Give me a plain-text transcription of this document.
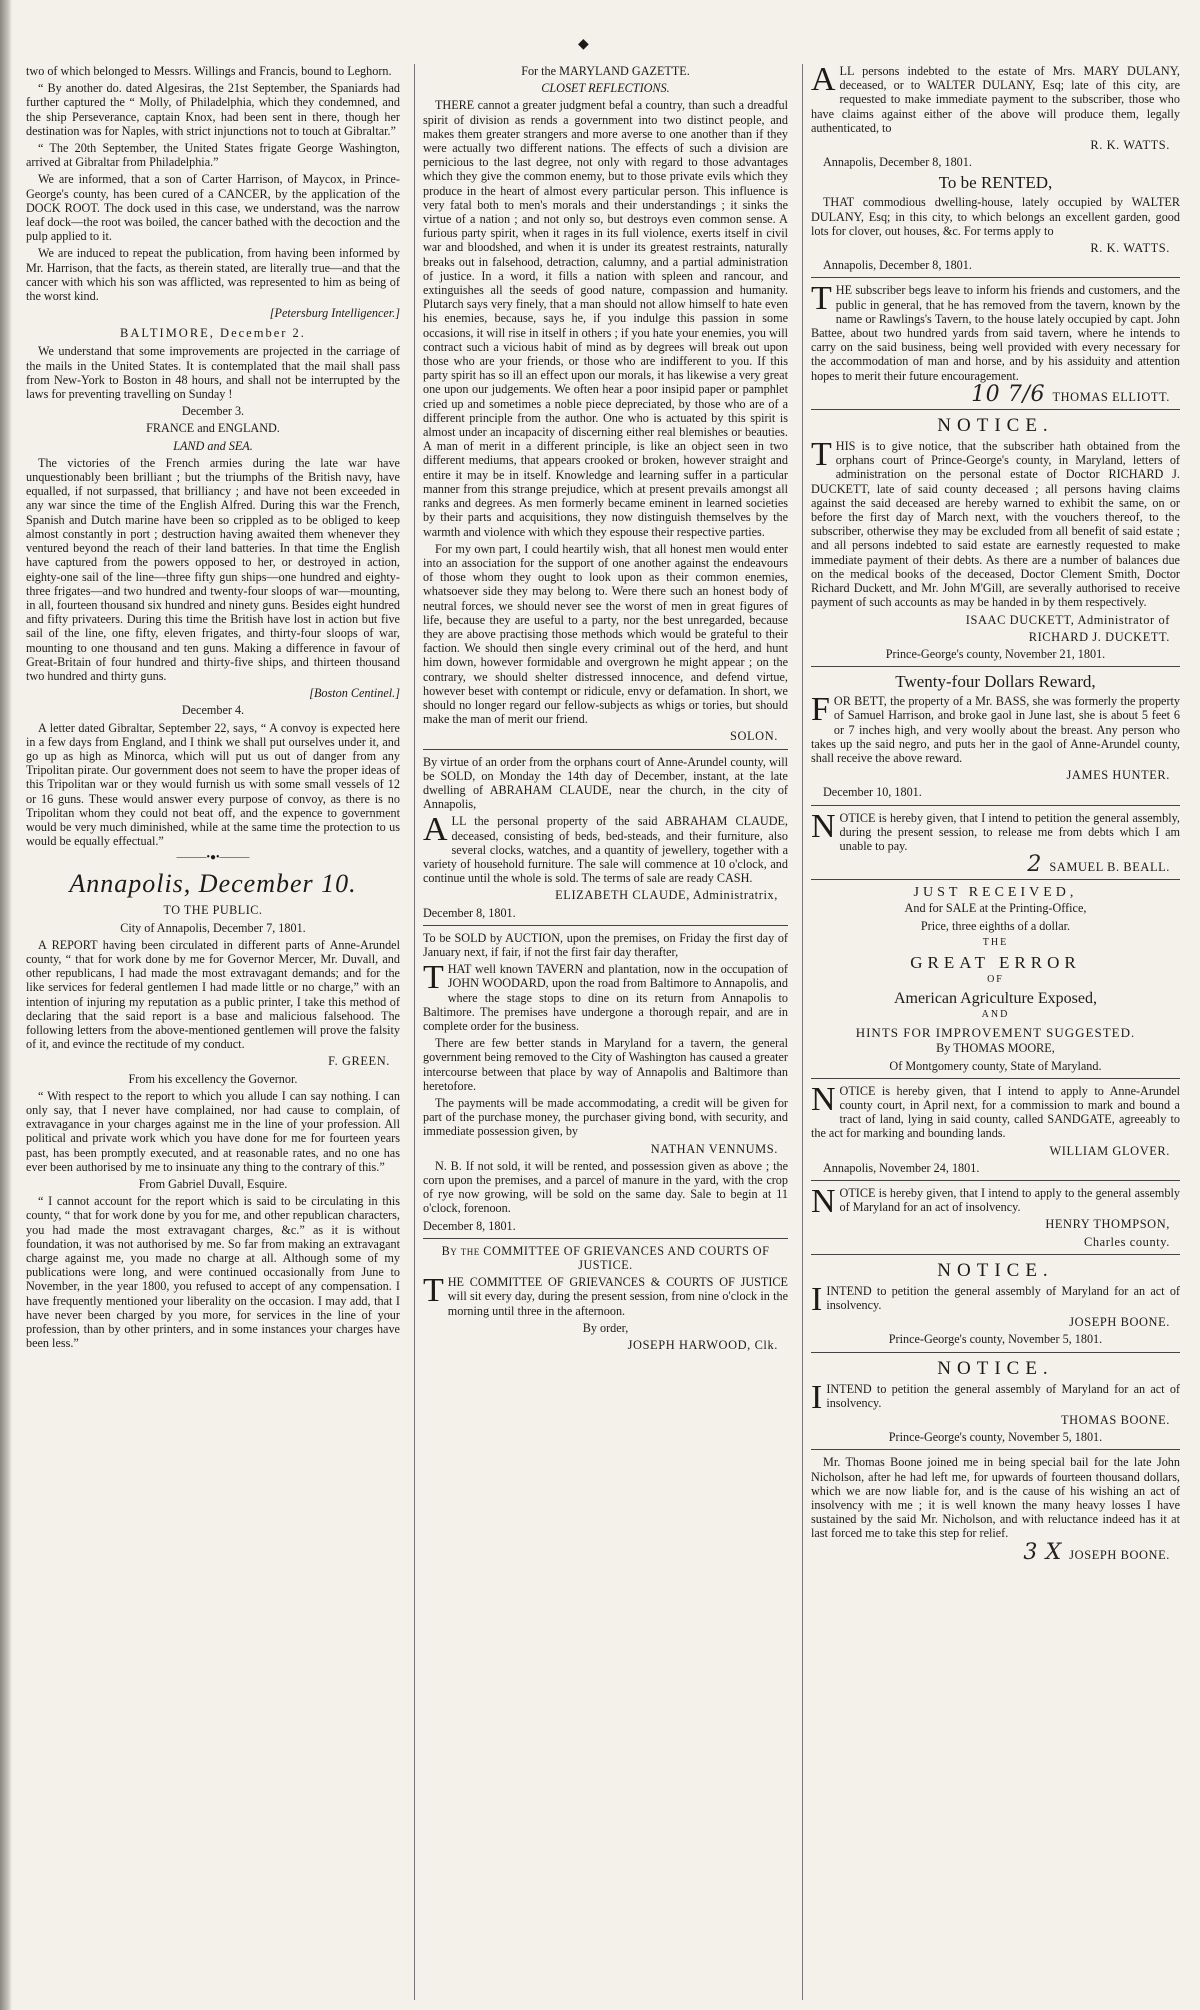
◆

two of which belonged to Messrs. Willings and Francis, bound to Leghorn.

“ By another do. dated Algesiras, the 21st September, the Spaniards had further captured the “ Molly, of Philadelphia, which they condemned, and the ship Perseverance, captain Knox, had been sent in there, though her destination was for Naples, with strict injunctions not to touch at Gibraltar.”

“ The 20th September, the United States frigate George Washington, arrived at Gibraltar from Philadelphia.”

We are informed, that a son of Carter Harrison, of Maycox, in Prince-George's county, has been cured of a CANCER, by the application of the DOCK ROOT. The dock used in this case, we understand, was the narrow leaf dock—the root was boiled, the cancer bathed with the decoction and the pulp applied to it.

We are induced to repeat the publication, from having been informed by Mr. Harrison, that the facts, as therein stated, are literally true—and that the cancer with which his son was afflicted, was represented to him as being of the worst kind.

[Petersburg Intelligencer.]

BALTIMORE, December 2.

We understand that some improvements are projected in the carriage of the mails in the United States. It is contemplated that the mail shall pass from New-York to Boston in 48 hours, and shall not be interrupted by the laws for preventing travelling on Sunday !

December 3.

FRANCE and ENGLAND.

LAND and SEA.

The victories of the French armies during the late war have unquestionably been brilliant ; but the triumphs of the British navy, have equalled, if not surpassed, that brilliancy ; and have not been exceeded in any war since the time of the English Alfred. During this war the French, Spanish and Dutch marine have been so crippled as to be obliged to keep almost constantly in port ; destruction having awaited them whenever they ventured beyond the reach of their land batteries. In that time the English have captured from the powers opposed to her, or destroyed in action, eighty-one sail of the line—three fifty gun ships—one hundred and eighty-three frigates—and two hundred and twenty-four sloops of war—mounting, in all, fourteen thousand six hundred and ninety guns. Besides eight hundred and fifty privateers. During this time the British have lost in action but five sail of the line, one fifty, eleven frigates, and thirty-four sloops of war, mounting to one thousand and ten guns. Making a difference in favour of Great-Britain of four hundred and thirty-five ships, and thirteen thousand two hundred and thirty guns.

[Boston Centinel.]

December 4.

A letter dated Gibraltar, September 22, says, “ A convoy is expected here in a few days from England, and I think we shall put ourselves under it, and go up as high as Minorca, which will put us out of danger from any Tripolitan pirate. Our government does not seem to have the proper ideas of this Tripolitan war or they would furnish us with some small vessels of 12 or 16 guns. These would answer every purpose of convoy, as there is no Tripolitan whom they could not beat off, and the expence to government would be very much diminished, while at the same time the protection to us would be equally effectual.”

———•●•———
Annapolis, December 10.

TO THE PUBLIC.

City of Annapolis, December 7, 1801.

A REPORT having been circulated in different parts of Anne-Arundel county, “ that for work done by me for Governor Mercer, Mr. Duvall, and other republicans, I had made the most extravagant demands; and for the like services for federal gentlemen I had made little or no charge,” with an intention of injuring my reputation as a public printer, I take this method of declaring that the said report is a base and malicious falsehood. The following letters from the above-mentioned gentlemen will prove the falsity of it, and evince the rectitude of my conduct.

F. GREEN.

From his excellency the Governor.

“ With respect to the report to which you allude I can say nothing. I can only say, that I never have complained, nor had cause to complain, of extravagance in your charges against me in the line of your profession. All political and private work which you have done for me for fourteen years past, has been promptly executed, and at reasonable rates, and no one has ever been authorised by me to insinuate any thing to the contrary of this.”

From Gabriel Duvall, Esquire.

“ I cannot account for the report which is said to be circulating in this county, “ that for work done by you for me, and other republican characters, you had made the most extravagant charges, &c.” as it is without foundation, it was not authorised by me. So far from making an extravagant charge against me, you made no charge at all. Although some of my publications were long, and were continued occasionally from June to November, in the year 1800, you refused to accept of any compensation. I have frequently mentioned your liberality on the occasion. I may add, that I have never been charged by you more, for services in the line of your profession, than by other printers, and in some instances your charges have been less.”

For the MARYLAND GAZETTE.

CLOSET REFLECTIONS.

THERE cannot a greater judgment befal a country, than such a dreadful spirit of division as rends a government into two distinct people, and makes them greater strangers and more averse to one another than if they were actually two different nations. The effects of such a division are pernicious to the last degree, not only with regard to those advantages which they give the common enemy, but to those private evils which they produce in the heart of almost every particular person. This influence is very fatal both to men's morals and their understandings ; it sinks the virtue of a nation ; and not only so, but destroys even common sense. A furious party spirit, when it rages in its full violence, exerts itself in civil war and bloodshed, and when it is under its greatest restraints, naturally breaks out in falsehood, detraction, calumny, and a partial administration of justice. In a word, it fills a nation with spleen and rancour, and extinguishes all the seeds of good nature, compassion and humanity. Plutarch says very finely, that a man should not allow himself to hate even his enemies, because, says he, if you indulge this passion in some occasions, it will rise in itself in others ; if you hate your enemies, you will contract such a vicious habit of mind as by degrees will break out upon those who are your friends, or those who are indifferent to you. If this party spirit has so ill an effect upon our morals, it has likewise a very great one upon our judgements. We often hear a poor insipid paper or pamphlet cried up and sometimes a noble piece depreciated, by those who are of a different principle from the author. One who is actuated by this spirit is almost under an incapacity of discerning either real blemishes or beauties. A man of merit in a different principle, is like an object seen in two different mediums, that appears crooked or broken, however straight and entire it may be in itself. Knowledge and learning suffer in a particular manner from this strange prejudice, which at present prevails amongst all ranks and degrees. As men formerly became eminent in learned societies by their parts and acquisitions, they now distinguish themselves by the warmth and violence with which they espouse their respective parties.

For my own part, I could heartily wish, that all honest men would enter into an association for the support of one another against the endeavours of those whom they ought to look upon as their common enemies, whatsoever side they may belong to. Were there such an honest body of neutral forces, we should never see the worst of men in great figures of life, because they are useful to a party, nor the best unregarded, because they are above practising those methods which would be grateful to their faction. We should then single every criminal out of the herd, and hunt him down, however formidable and overgrown he might appear ; on the contrary, we should shelter distressed innocence, and defend virtue, however beset with contempt or ridicule, envy or defamation. In short, we should no longer regard our fellow-subjects as whigs or tories, but should make the man of merit our friend.

SOLON.

By virtue of an order from the orphans court of Anne-Arundel county, will be SOLD, on Monday the 14th day of December, instant, at the late dwelling of ABRAHAM CLAUDE, near the church, in the city of Annapolis,

ALL the personal property of the said ABRAHAM CLAUDE, deceased, consisting of beds, bed-steads, and their furniture, also several clocks, watches, and a quantity of jewellery, together with a variety of household furniture. The sale will commence at 10 o'clock, and continue until the whole is sold. The terms of sale are ready CASH.

ELIZABETH CLAUDE, Administratrix,

December 8, 1801.

To be SOLD by AUCTION, upon the premises, on Friday the first day of January next, if fair, if not the first fair day therafter,

THAT well known TAVERN and plantation, now in the occupation of JOHN WOODARD, upon the road from Baltimore to Annapolis, and where the stage stops to dine on its return from Annapolis to Baltimore. The premises have undergone a thorough repair, and are in complete order for the business.

There are few better stands in Maryland for a tavern, the general government being removed to the City of Washington has caused a greater intercourse between that place by way of Annapolis and Baltimore than heretofore.

The payments will be made accommodating, a credit will be given for part of the purchase money, the purchaser giving bond, with security, and immediate possession given, by

NATHAN VENNUMS.

N. B. If not sold, it will be rented, and possession given as above ; the corn upon the premises, and a parcel of manure in the yard, with the crop of rye now growing, will be sold on the same day. Sale to begin at 11 o'clock, forenoon.

December 8, 1801.

By the COMMITTEE OF GRIEVANCES AND COURTS OF JUSTICE.

THE COMMITTEE OF GRIEVANCES & COURTS OF JUSTICE will sit every day, during the present session, from nine o'clock in the morning until three in the afternoon.

By order,

JOSEPH HARWOOD, Clk.

ALL persons indebted to the estate of Mrs. MARY DULANY, deceased, or to WALTER DULANY, Esq; late of this city, are requested to make immediate payment to the subscriber, those who have claims against either of the above will produce them, legally authenticated, to

R. K. WATTS.

Annapolis, December 8, 1801.

To be RENTED,

THAT commodious dwelling-house, lately occupied by WALTER DULANY, Esq; in this city, to which belongs an excellent garden, good lots for clover, out houses, &c. For terms apply to

R. K. WATTS.

Annapolis, December 8, 1801.

THE subscriber begs leave to inform his friends and customers, and the public in general, that he has removed from the tavern, known by the name or Rawlings's Tavern, to the house lately occupied by capt. John Battee, about two hundred yards from said tavern, where he intends to carry on the said business, being well provided with every necessary for the accommodation of man and horse, and by his assiduity and attention hopes to merit their future encouragement.

10 7/6 THOMAS ELLIOTT.

NOTICE.

THIS is to give notice, that the subscriber hath obtained from the orphans court of Prince-George's county, in Maryland, letters of administration on the personal estate of Doctor RICHARD J. DUCKETT, late of said county deceased ; all persons having claims against the said deceased are hereby warned to exhibit the same, on or before the first day of March next, with the vouchers thereof, to the subscriber, otherwise they may be excluded from all benefit of said estate ; and all persons indebted to said estate are earnestly requested to make immediate payment of their debts. As there are a number of balances due on the medical books of the deceased, Doctor Clement Smith, Doctor Richard Duckett, and Mr. John M'Gill, are severally authorised to receive payment of such accounts as may be handed in by them respectively.

ISAAC DUCKETT, Administrator of

RICHARD J. DUCKETT.

Prince-George's county, November 21, 1801.

Twenty-four Dollars Reward,

FOR BETT, the property of a Mr. BASS, she was formerly the property of Samuel Harrison, and broke gaol in June last, she is about 5 feet 6 or 7 inches high, and very woolly about the breast. Any person who takes up the said negro, and puts her in the gaol of Anne-Arundel county, shall receive the above reward.

JAMES HUNTER.

December 10, 1801.

NOTICE is hereby given, that I intend to petition the general assembly, during the present session, to release me from debts which I am unable to pay.

2 SAMUEL B. BEALL.

JUST RECEIVED,

And for SALE at the Printing-Office,

Price, three eighths of a dollar.

THE

GREAT ERROR

OF

American Agriculture Exposed,

AND

HINTS FOR IMPROVEMENT SUGGESTED.

By THOMAS MOORE,

Of Montgomery county, State of Maryland.

NOTICE is hereby given, that I intend to apply to Anne-Arundel county court, in April next, for a commission to mark and bound a tract of land, lying in said county, called SANDGATE, agreeably to the act for marking and bounding lands.

WILLIAM GLOVER.

Annapolis, November 24, 1801.

NOTICE is hereby given, that I intend to apply to the general assembly of Maryland for an act of insolvency.

HENRY THOMPSON,

Charles county.

NOTICE.

IINTEND to petition the general assembly of Maryland for an act of insolvency.

JOSEPH BOONE.

Prince-George's county, November 5, 1801.

NOTICE.

IINTEND to petition the general assembly of Maryland for an act of insolvency.

THOMAS BOONE.

Prince-George's county, November 5, 1801.

Mr. Thomas Boone joined me in being special bail for the late John Nicholson, after he had left me, for upwards of fourteen thousand dollars, which we are now liable for, and is the cause of his wishing an act of insolvency with me ; it is well known the many heavy losses I have sustained by the said Mr. Nicholson, and with reluctance indeed has it at last forced me to take this step for relief.

3 X JOSEPH BOONE.
